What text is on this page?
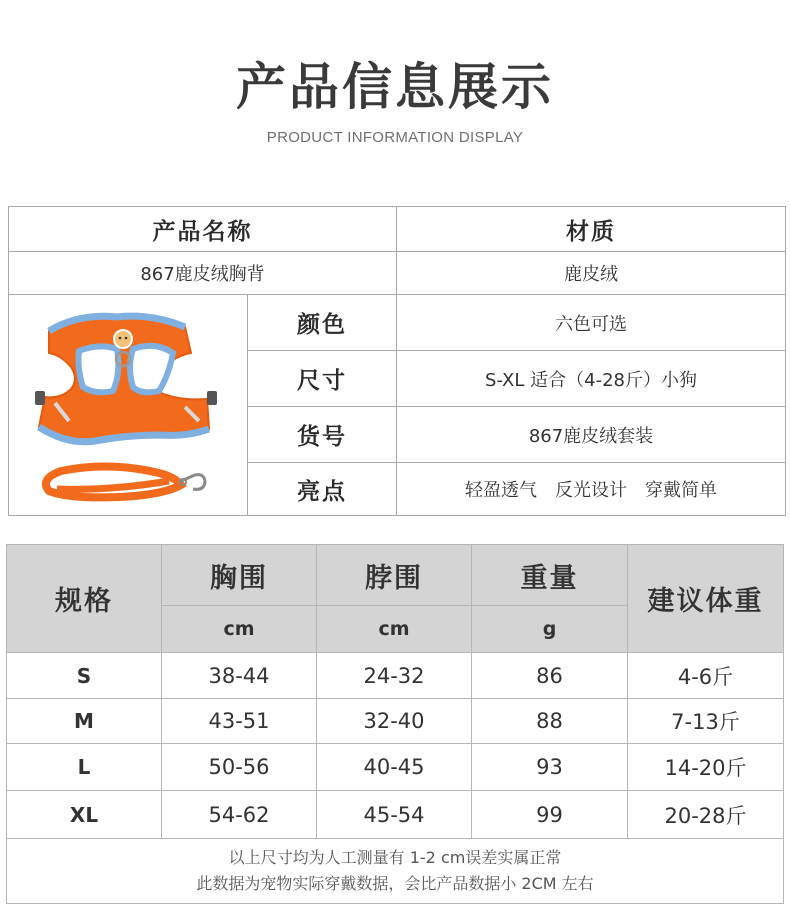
产品信息展示
PRODUCT INFORMATION DISPLAY
产品名称	材质
867鹿皮绒胸背	鹿皮绒
颜色	六色可选
尺寸	S-XL 适合（4-28斤）小狗
货号	867鹿皮绒套装
亮点	轻盈透气 反光设计 穿戴简单
规格
胸围	脖围	重量
cm	cm	g
建议体重
S	38-44	24-32	86	4-6斤
M	43-51	32-40	88	7-13斤
L	50-56	40-45	93	14-20斤
XL	54-62	45-54	99	20-28斤
以上尺寸均为人工测量有 1-2 cm误差实属正常
此数据为宠物实际穿戴数据，会比产品数据小 2CM 左右
